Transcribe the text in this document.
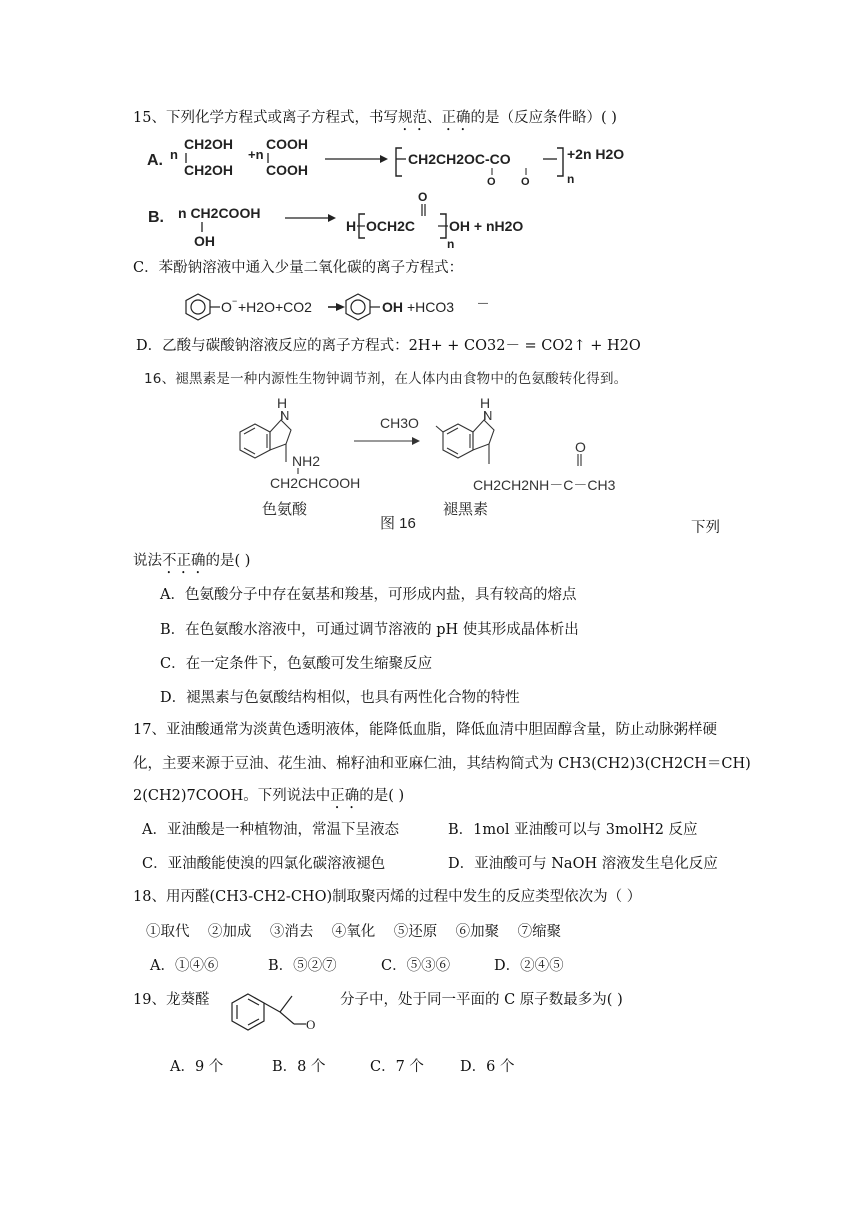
15、下列化学方程式或离子方程式，书写规范、正确的是（反应条件略）( )
A. n
CH2OH
CH2OH
+n
COOH
COOH
CH2CH2OC-CO
O O	n
+2n H2O
B. n CH2COOH
OH
H OCH2C
O
OH + nH2O
n
C．苯酚钠溶液中通入少量二氧化碳的离子方程式：
O − +H2O+CO2	OH +HCO3 —
D．乙酸与碳酸钠溶液反应的离子方程式：2H+ + CO32－ = CO2↑ + H2O
16、褪黑素是一种内源性生物钟调节剂，在人体内由食物中的色氨酸转化得到。
H
N
NH2
CH2CHCOOH
H
N
CH3O
O
CH2CH2NH－C－CH3
色氨酸	褪黑素
图 16	下列
说法不正确的是( )
A．色氨酸分子中存在氨基和羧基，可形成内盐，具有较高的熔点
B．在色氨酸水溶液中，可通过调节溶液的 pH 使其形成晶体析出
C．在一定条件下，色氨酸可发生缩聚反应
D．褪黑素与色氨酸结构相似，也具有两性化合物的特性
17、亚油酸通常为淡黄色透明液体，能降低血脂，降低血清中胆固醇含量，防止动脉粥样硬
化，主要来源于豆油、花生油、棉籽油和亚麻仁油，其结构简式为 CH3(CH2)3(CH2CH＝CH)
2(CH2)7COOH。下列说法中正确的是( )
A．亚油酸是一种植物油，常温下呈液态	B．1mol 亚油酸可以与 3molH2 反应
C．亚油酸能使溴的四氯化碳溶液褪色	D．亚油酸可与 NaOH 溶液发生皂化反应
18、用丙醛(CH3-CH2-CHO)制取聚丙烯的过程中发生的反应类型依次为（ ）
①取代    ②加成    ③消去    ④氧化    ⑤还原    ⑥加聚    ⑦缩聚
A．①④⑥	B．⑤②⑦	C．⑤③⑥	D．②④⑤
19、龙葵醛
O
分子中，处于同一平面的 C 原子数最多为( )
A．9 个	B．8 个	C．7 个 D．6 个
